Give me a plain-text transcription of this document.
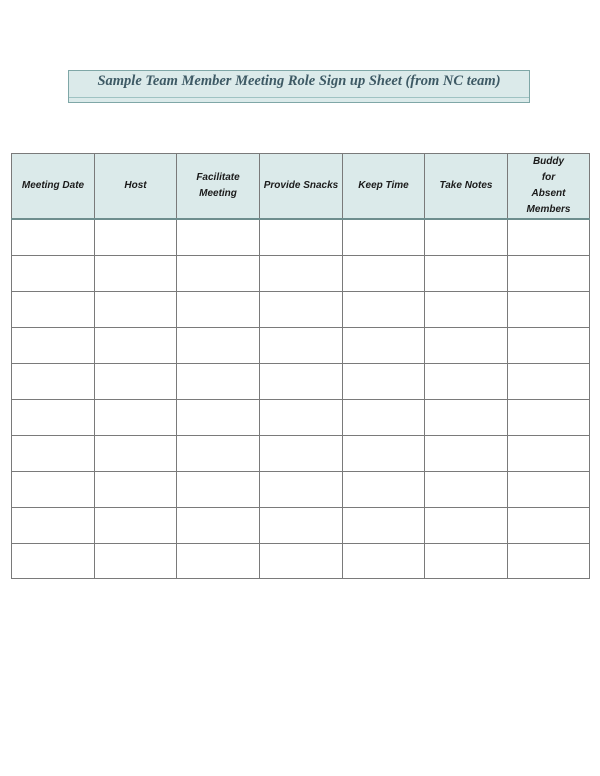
Sample Team Member Meeting Role Sign up Sheet (from NC team)
Meeting Date	Host	Facilitate Meeting	Provide Snacks	Keep Time	Take Notes	Buddy for Absent Members
